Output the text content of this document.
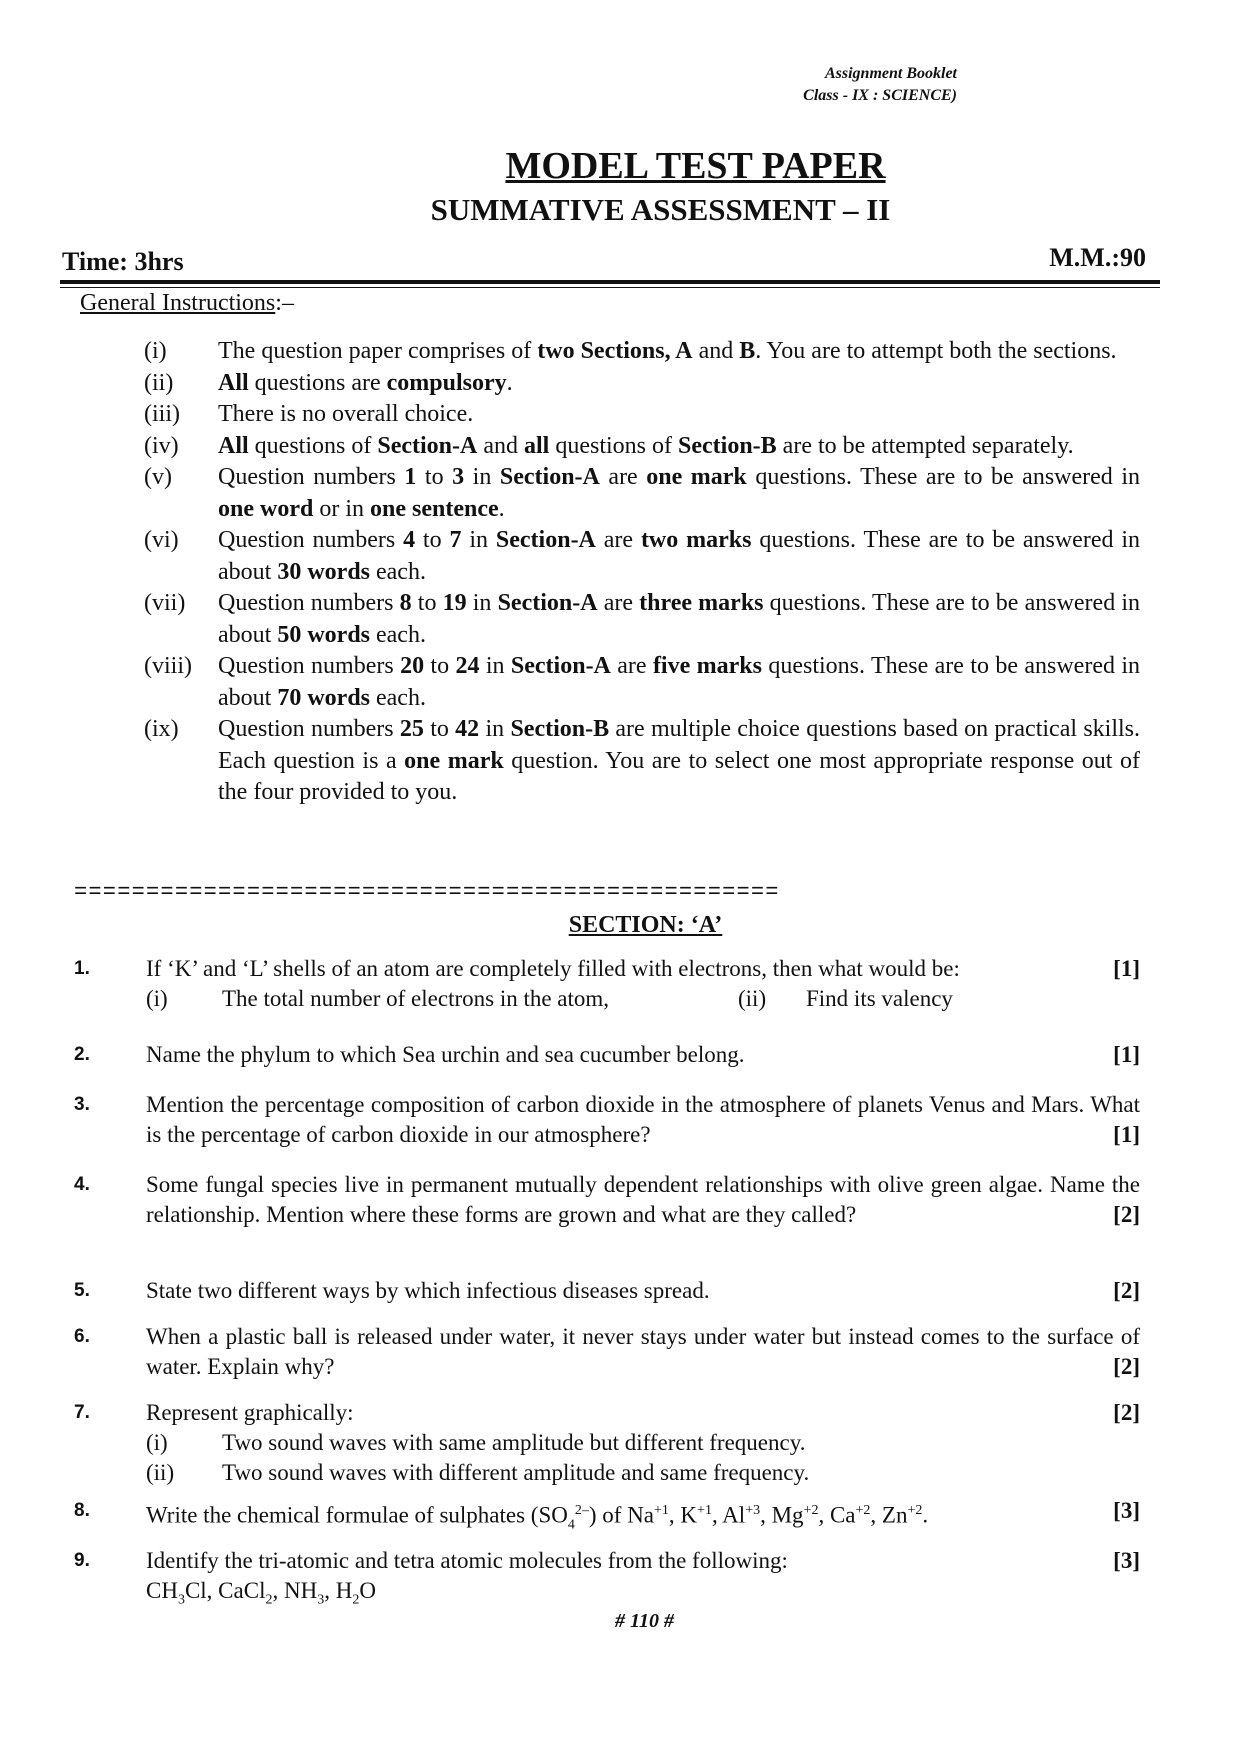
Assignment Booklet
Class - IX : SCIENCE)
MODEL TEST PAPER
SUMMATIVE ASSESSMENT – II
Time: 3hrs	M.M.:90
General Instructions:–
(i)	The question paper comprises of two Sections, A and B. You are to attempt both the sections.
(ii)	All questions are compulsory.
(iii)	There is no overall choice.
(iv)	All questions of Section-A and all questions of Section-B are to be attempted separately.
(v)	Question numbers 1 to 3 in Section-A are one mark questions. These are to be answered in one word or in one sentence.
(vi)	Question numbers 4 to 7 in Section-A are two marks questions. These are to be answered in about 30 words each.
(vii)	Question numbers 8 to 19 in Section-A are three marks questions. These are to be answered in about 50 words each.
(viii)	Question numbers 20 to 24 in Section-A are five marks questions. These are to be answered in about 70 words each.
(ix)	Question numbers 25 to 42 in Section-B are multiple choice questions based on practical skills. Each question is a one mark question. You are to select one most appropriate response out of the four provided to you.
=================================================
SECTION: ‘A’
1.	[1]
If ‘K’ and ‘L’ shells of an atom are completely filled with electrons, then what would be:
(i)	The total number of electrons in the atom,	(ii)	Find its valency
2.	[1]
Name the phylum to which Sea urchin and sea cucumber belong.
3.	Mention the percentage composition of carbon dioxide in the atmosphere of planets Venus and Mars. What is the percentage of carbon dioxide in our atmosphere?	[1]
4.	Some fungal species live in permanent mutually dependent relationships with olive green algae. Name the relationship. Mention where these forms are grown and what are they called?	[2]
5.	[2]
State two different ways by which infectious diseases spread.
6.	When a plastic ball is released under water, it never stays under water but instead comes to the surface of water. Explain why?	[2]
7.	[2]
Represent graphically:
(i)	Two sound waves with same amplitude but different frequency.
(ii)	Two sound waves with different amplitude and same frequency.
8.	[3]
Write the chemical formulae of sulphates $(SO_4^{2-})$ of $Na^{+1}$, $K^{+1}$, $Al^{+3}$, $Mg^{+2}$, $Ca^{+2}$, $Zn^{+2}$.
9.	[3]
Identify the tri-atomic and tetra atomic molecules from the following:
$CH_3Cl$, CaCl$_2$, $NH_3$, $H_2O$
# 110 #
